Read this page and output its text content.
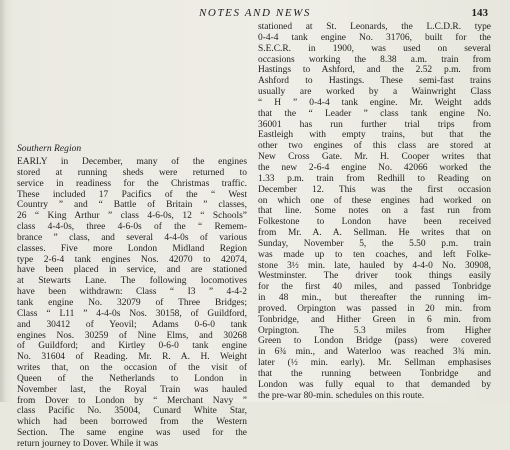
NOTES AND NEWS	143
Southern Region
EARLY in December, many of the engines
stored at running sheds were returned to
service in readiness for the Christmas traffic.
These included 17 Pacifics of the “ West
Country ” and “ Battle of Britain ” classes,
26 “ King Arthur ” class 4-6-0s, 12 “ Schools”
class 4-4-0s, three 4-6-0s of the “ Remem-
brance ” class, and several 4-4-0s of various
classes. Five more London Midland Region
type 2-6-4 tank engines Nos. 42070 to 42074,
have been placed in service, and are stationed
at Stewarts Lane. The following locomotives
have been withdrawn: Class “ I3 ” 4-4-2
tank engine No. 32079 of Three Bridges;
Class “ L11 ” 4-4-0s Nos. 30158, of Guildford,
and 30412 of Yeovil; Adams 0-6-0 tank
engines Nos. 30259 of Nine Elms, and 30268
of Guildford; and Kirtley 0-6-0 tank engine
No. 31604 of Reading. Mr. R. A. H. Weight
writes that, on the occasion of the visit of
Queen of the Netherlands to London in
November last, the Royal Train was hauled
from Dover to London by “ Merchant Navy ”
class Pacific No. 35004, Cunard White Star,
which had been borrowed from the Western
Section. The same engine was used for the
return journey to Dover. While it was
stationed at St. Leonards, the L.C.D.R. type
0-4-4 tank engine No. 31706, built for the
S.E.C.R. in 1900, was used on several
occasions working the 8.38 a.m. train from
Hastings to Ashford, and the 2.52 p.m. from
Ashford to Hastings. These semi-fast trains
usually are worked by a Wainwright Class
“ H ” 0-4-4 tank engine. Mr. Weight adds
that the “ Leader ” class tank engine No.
36001 has run further trial trips from
Eastleigh with empty trains, but that the
other two engines of this class are stored at
New Cross Gate. Mr. H. Cooper writes that
the new 2-6-4 engine No. 42066 worked the
1.33 p.m. train from Redhill to Reading on
December 12. This was the first occasion
on which one of these engines had worked on
that line. Some notes on a fast run from
Folkestone to London have been received
from Mr. A. A. Sellman. He writes that on
Sunday, November 5, the 5.50 p.m. train
was made up to ten coaches, and left Folke-
stone 3½ min. late, hauled by 4-4-0 No. 30908,
Westminster. The driver took things easily
for the first 40 miles, and passed Tonbridge
in 48 min., but thereafter the running im-
proved. Orpington was passed in 20 min. from
Tonbridge, and Hither Green in 6 min. from
Orpington. The 5.3 miles from Higher
Green to London Bridge (pass) were covered
in 6¾ min., and Waterloo was reached 3¾ min.
later (½ min. early). Mr. Sellman emphasises
that the running between Tonbridge and
London was fully equal to that demanded by
the pre-war 80-min. schedules on this route.
